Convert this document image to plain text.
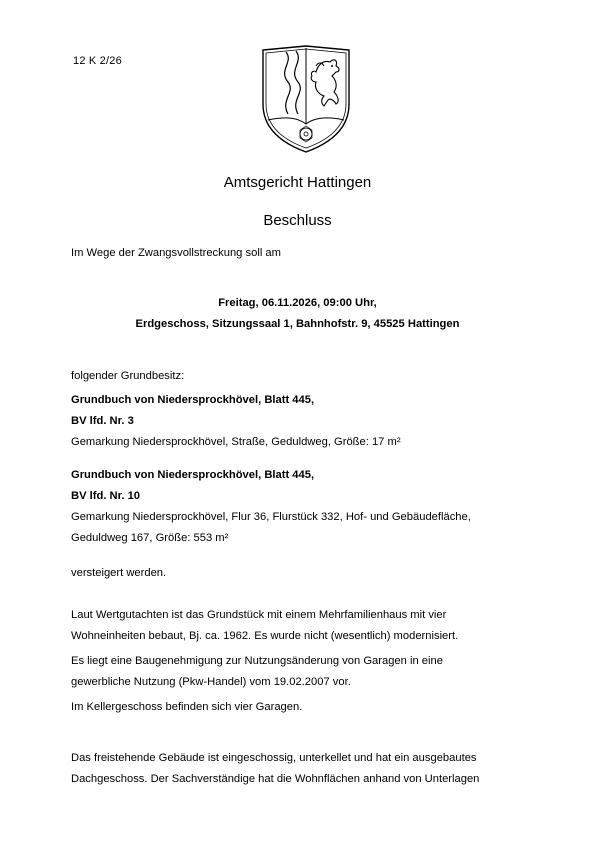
12 K 2/26
Amtsgericht Hattingen
Beschluss
Im Wege der Zwangsvollstreckung soll am
Freitag, 06.11.2026, 09:00 Uhr,
Erdgeschoss, Sitzungssaal 1, Bahnhofstr. 9, 45525 Hattingen
folgender Grundbesitz:
Grundbuch von Niedersprockhövel, Blatt 445,
BV lfd. Nr. 3
Gemarkung Niedersprockhövel, Straße, Geduldweg, Größe: 17 m²
Grundbuch von Niedersprockhövel, Blatt 445,
BV lfd. Nr. 10
Gemarkung Niedersprockhövel, Flur 36, Flurstück 332, Hof- und Gebäudefläche,
Geduldweg 167, Größe: 553 m²
versteigert werden.
Laut Wertgutachten ist das Grundstück mit einem Mehrfamilienhaus mit vier
Wohneinheiten bebaut, Bj. ca. 1962. Es wurde nicht (wesentlich) modernisiert.
Es liegt eine Baugenehmigung zur Nutzungsänderung von Garagen in eine
gewerbliche Nutzung (Pkw-Handel) vom 19.02.2007 vor.
Im Kellergeschoss befinden sich vier Garagen.
Das freistehende Gebäude ist eingeschossig, unterkellet und hat ein ausgebautes
Dachgeschoss. Der Sachverständige hat die Wohnflächen anhand von Unterlagen
